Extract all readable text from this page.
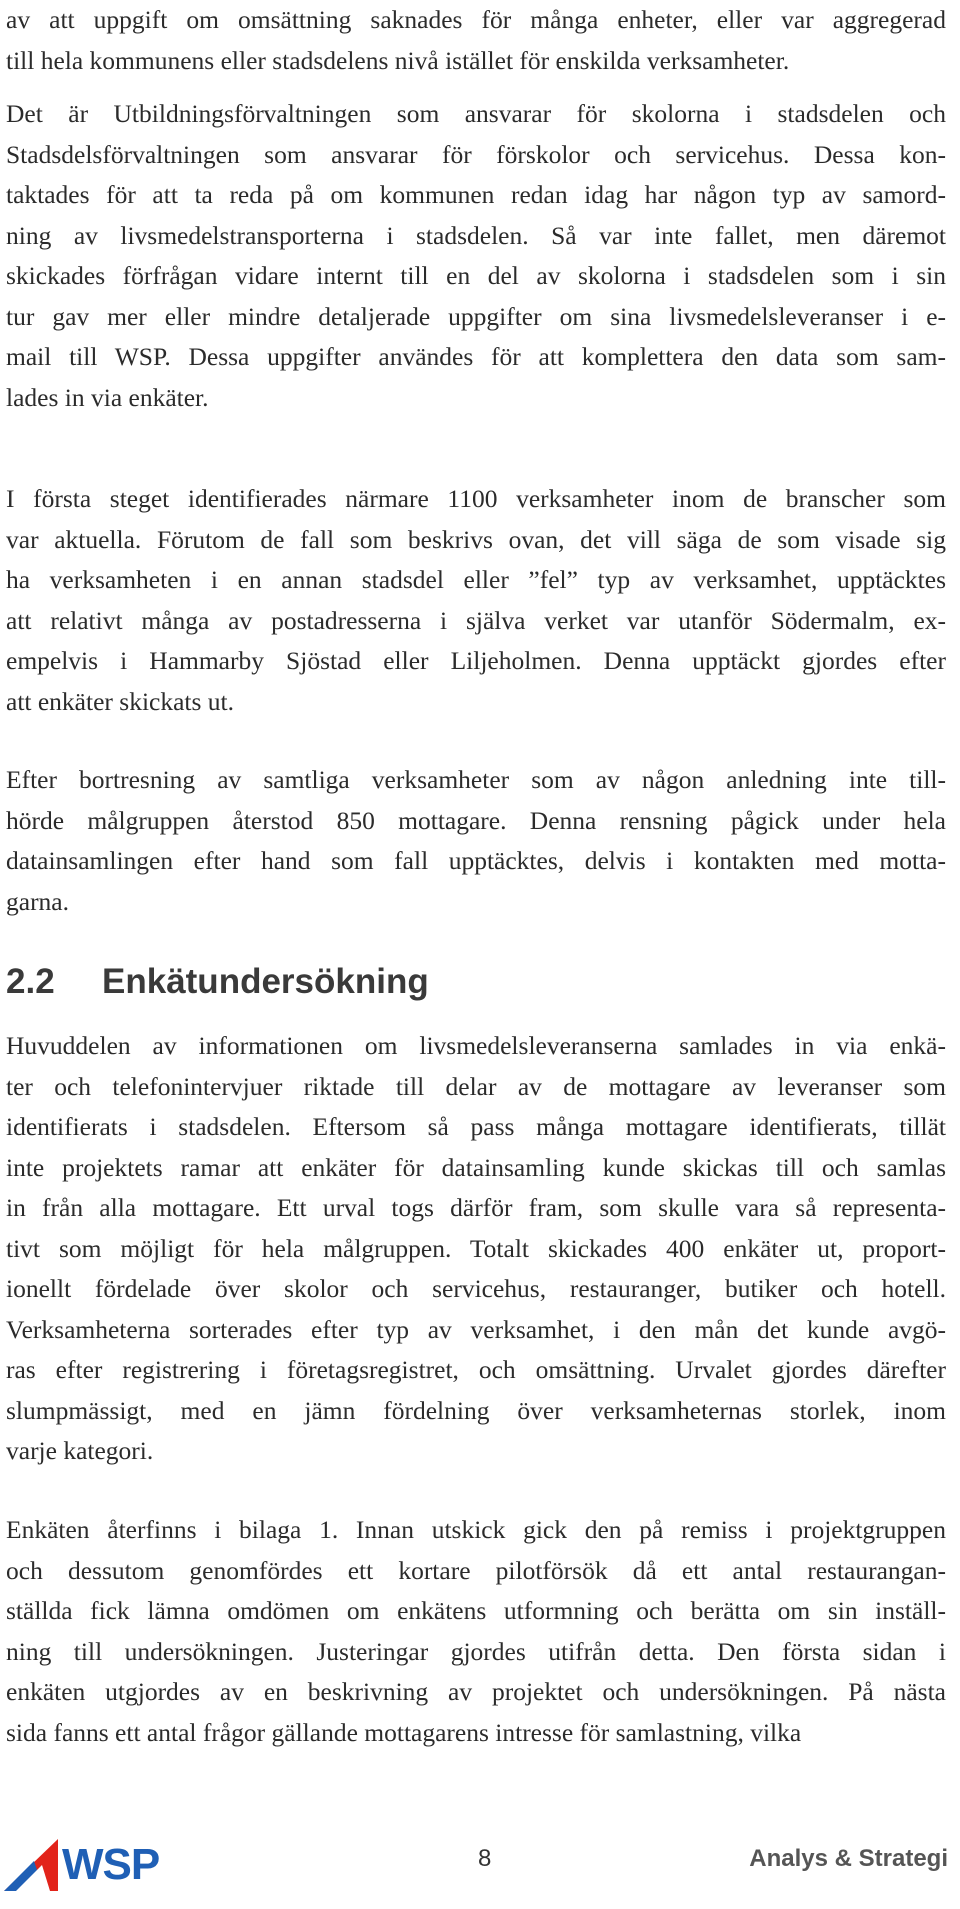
av att uppgift om omsättning saknades för många enheter, eller var aggregerad
till hela kommunens eller stadsdelens nivå istället för enskilda verksamheter.
Det är Utbildningsförvaltningen som ansvarar för skolorna i stadsdelen och
Stadsdelsförvaltningen som ansvarar för förskolor och servicehus. Dessa kon-
taktades för att ta reda på om kommunen redan idag har någon typ av samord-
ning av livsmedelstransporterna i stadsdelen. Så var inte fallet, men däremot
skickades förfrågan vidare internt till en del av skolorna i stadsdelen som i sin
tur gav mer eller mindre detaljerade uppgifter om sina livsmedelsleveranser i e-
mail till WSP. Dessa uppgifter användes för att komplettera den data som sam-
lades in via enkäter.
I första steget identifierades närmare 1100 verksamheter inom de branscher som
var aktuella. Förutom de fall som beskrivs ovan, det vill säga de som visade sig
ha verksamheten i en annan stadsdel eller ”fel” typ av verksamhet, upptäcktes
att relativt många av postadresserna i själva verket var utanför Södermalm, ex-
empelvis i Hammarby Sjöstad eller Liljeholmen. Denna upptäckt gjordes efter
att enkäter skickats ut.
Efter bortresning av samtliga verksamheter som av någon anledning inte till-
hörde målgruppen återstod 850 mottagare. Denna rensning pågick under hela
datainsamlingen efter hand som fall upptäcktes, delvis i kontakten med motta-
garna.
2.2	Enkätundersökning
Huvuddelen av informationen om livsmedelsleveranserna samlades in via enkä-
ter och telefonintervjuer riktade till delar av de mottagare av leveranser som
identifierats i stadsdelen. Eftersom så pass många mottagare identifierats, tillät
inte projektets ramar att enkäter för datainsamling kunde skickas till och samlas
in från alla mottagare. Ett urval togs därför fram, som skulle vara så representa-
tivt som möjligt för hela målgruppen. Totalt skickades 400 enkäter ut, proport-
ionellt fördelade över skolor och servicehus, restauranger, butiker och hotell.
Verksamheterna sorterades efter typ av verksamhet, i den mån det kunde avgö-
ras efter registrering i företagsregistret, och omsättning. Urvalet gjordes därefter
slumpmässigt, med en jämn fördelning över verksamheternas storlek, inom
varje kategori.
Enkäten återfinns i bilaga 1. Innan utskick gick den på remiss i projektgruppen
och dessutom genomfördes ett kortare pilotförsök då ett antal restaurangan-
ställda fick lämna omdömen om enkätens utformning och berätta om sin inställ-
ning till undersökningen. Justeringar gjordes utifrån detta. Den första sidan i
enkäten utgjordes av en beskrivning av projektet och undersökningen. På nästa
sida fanns ett antal frågor gällande mottagarens intresse för samlastning, vilka
WSP	8	Analys & Strategi
